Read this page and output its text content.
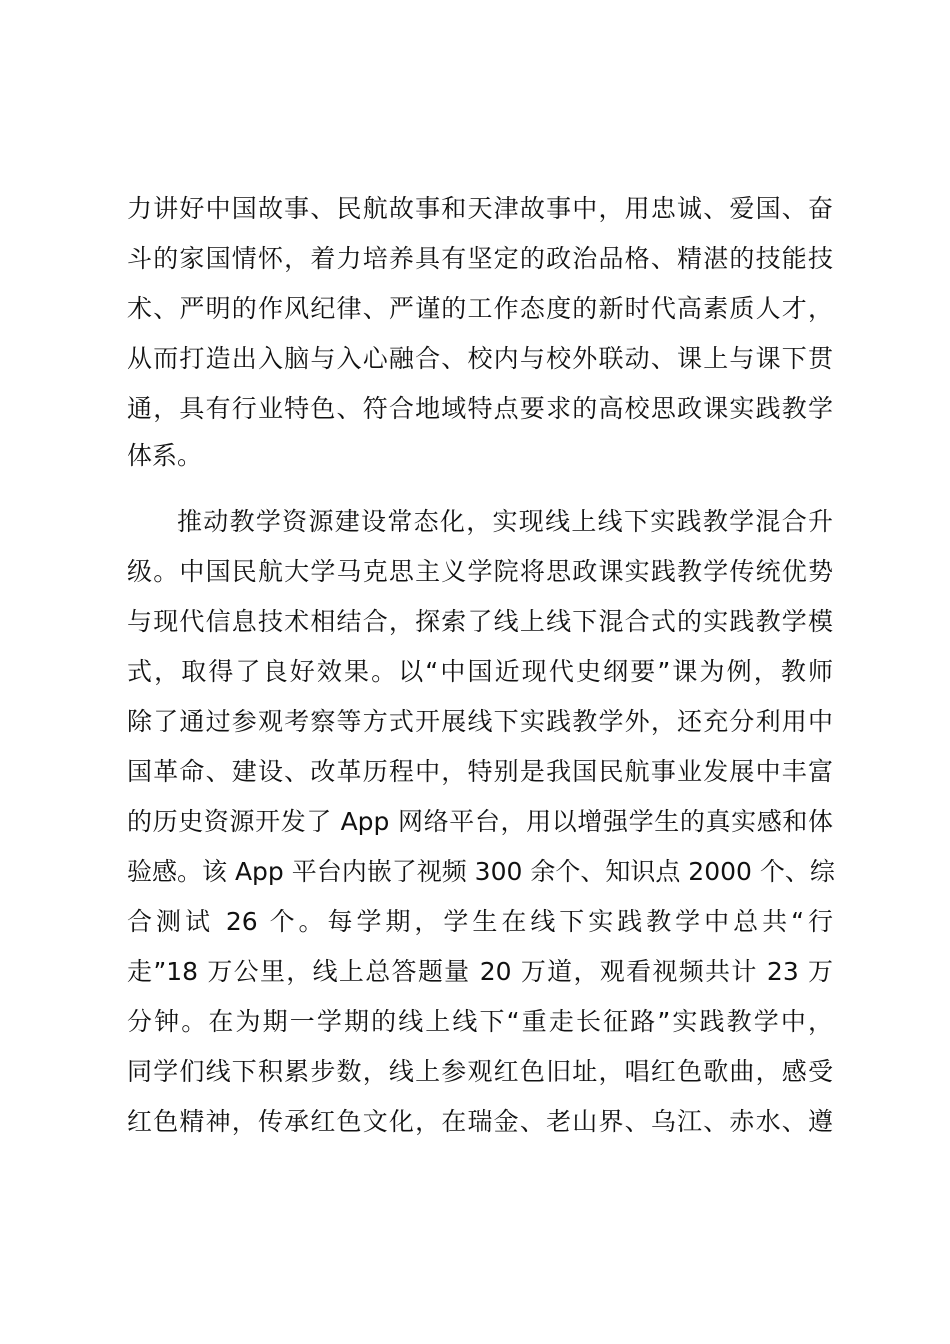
力讲好中国故事、民航故事和天津故事中，用忠诚、爱国、奋
斗的家国情怀，着力培养具有坚定的政治品格、精湛的技能技
术、严明的作风纪律、严谨的工作态度的新时代高素质人才，
从而打造出入脑与入心融合、校内与校外联动、课上与课下贯
通，具有行业特色、符合地域特点要求的高校思政课实践教学
体系。
推动教学资源建设常态化，实现线上线下实践教学混合升
级。中国民航大学马克思主义学院将思政课实践教学传统优势
与现代信息技术相结合，探索了线上线下混合式的实践教学模
式，取得了良好效果。以“中国近现代史纲要”课为例，教师
除了通过参观考察等方式开展线下实践教学外，还充分利用中
国革命、建设、改革历程中，特别是我国民航事业发展中丰富
的历史资源开发了 App 网络平台，用以增强学生的真实感和体
验感。该 App 平台内嵌了视频 300 余个、知识点 2000 个、综
合测试 26 个。每学期，学生在线下实践教学中总共“行
走”18 万公里，线上总答题量 20 万道，观看视频共计 23 万
分钟。在为期一学期的线上线下“重走长征路”实践教学中，
同学们线下积累步数，线上参观红色旧址，唱红色歌曲，感受
红色精神，传承红色文化，在瑞金、老山界、乌江、赤水、遵
